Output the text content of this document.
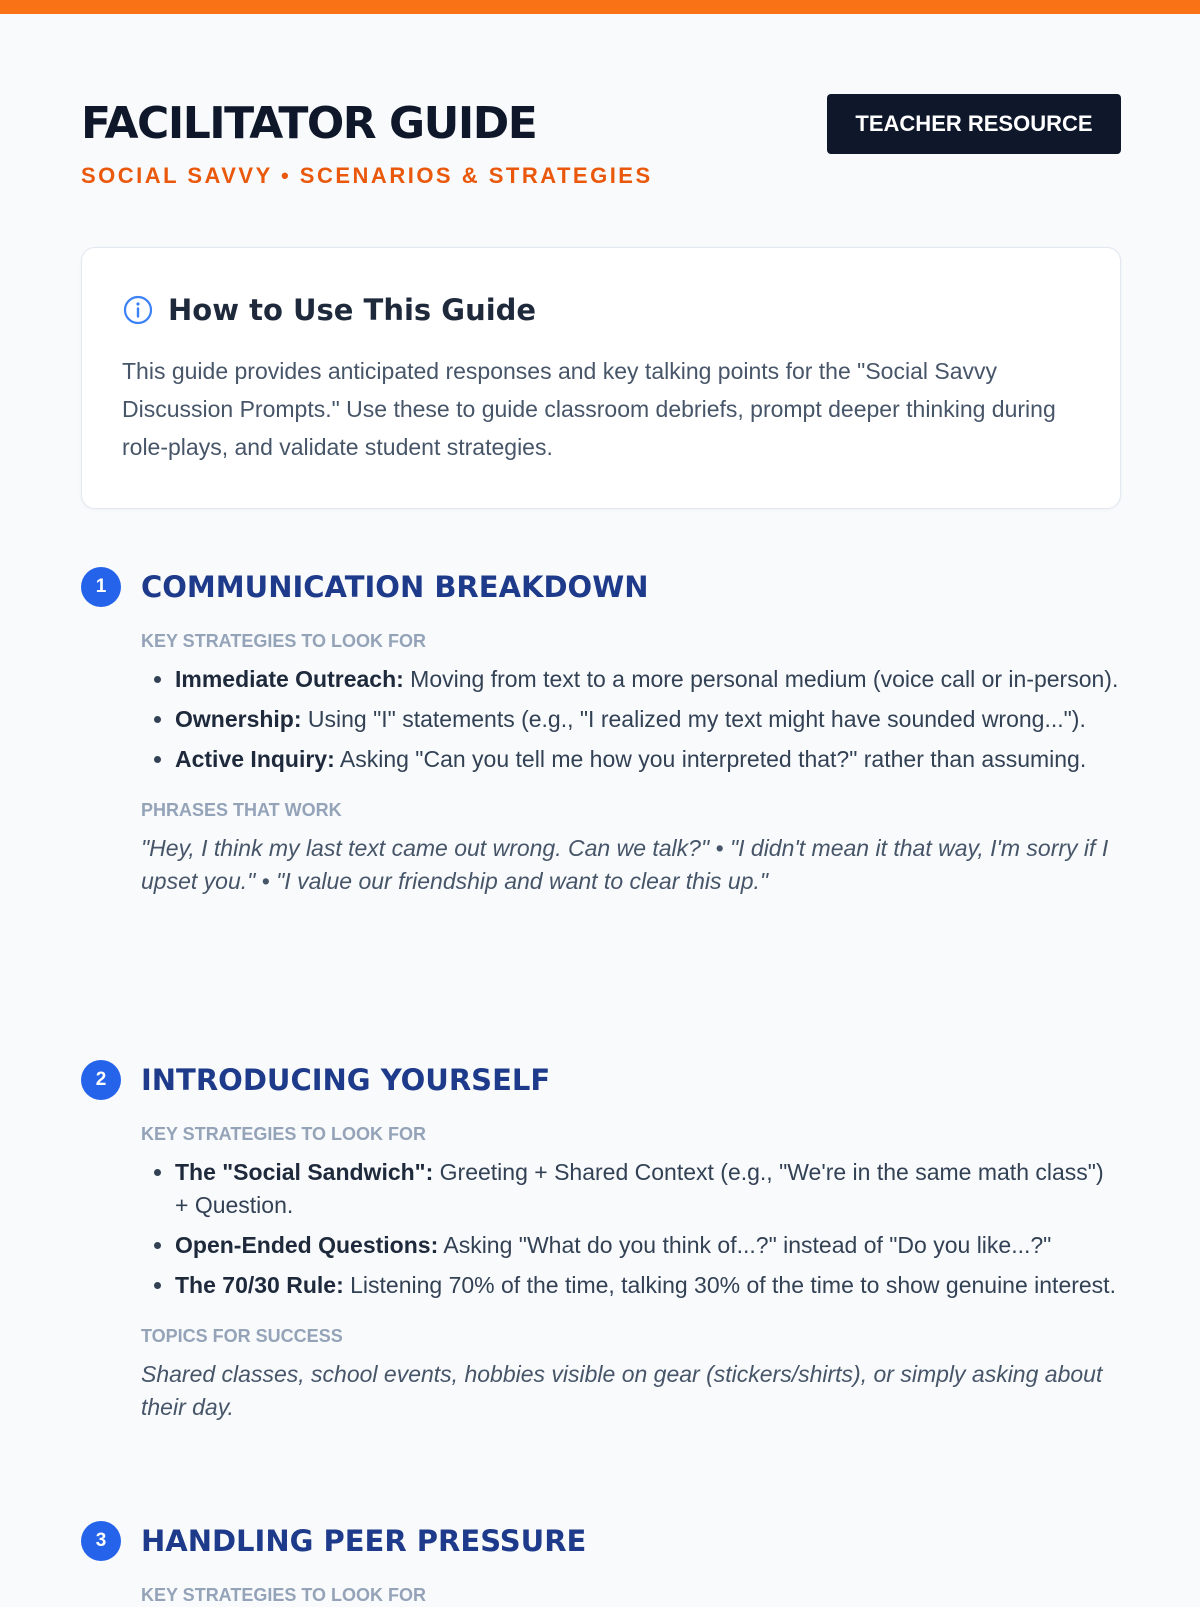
FACILITATOR GUIDE
SOCIAL SAVVY • SCENARIOS & STRATEGIES
TEACHER RESOURCE
How to Use This Guide

This guide provides anticipated responses and key talking points for the "Social Savvy Discussion Prompts." Use these to guide classroom debriefs, prompt deeper thinking during role-plays, and validate student strategies.

1	COMMUNICATION BREAKDOWN

KEY STRATEGIES TO LOOK FOR

• Immediate Outreach: Moving from text to a more personal medium (voice call or in-person).
• Ownership: Using "I" statements (e.g., "I realized my text might have sounded wrong...").
• Active Inquiry: Asking "Can you tell me how you interpreted that?" rather than assuming.

PHRASES THAT WORK

"Hey, I think my last text came out wrong. Can we talk?" • "I didn't mean it that way, I'm sorry if I upset you." • "I value our friendship and want to clear this up."

2	INTRODUCING YOURSELF

KEY STRATEGIES TO LOOK FOR

• The "Social Sandwich": Greeting + Shared Context (e.g., "We're in the same math class") + Question.
• Open-Ended Questions: Asking "What do you think of...?" instead of "Do you like...?"
• The 70/30 Rule: Listening 70% of the time, talking 30% of the time to show genuine interest.

TOPICS FOR SUCCESS

Shared classes, school events, hobbies visible on gear (stickers/shirts), or simply asking about their day.

3	HANDLING PEER PRESSURE

KEY STRATEGIES TO LOOK FOR
